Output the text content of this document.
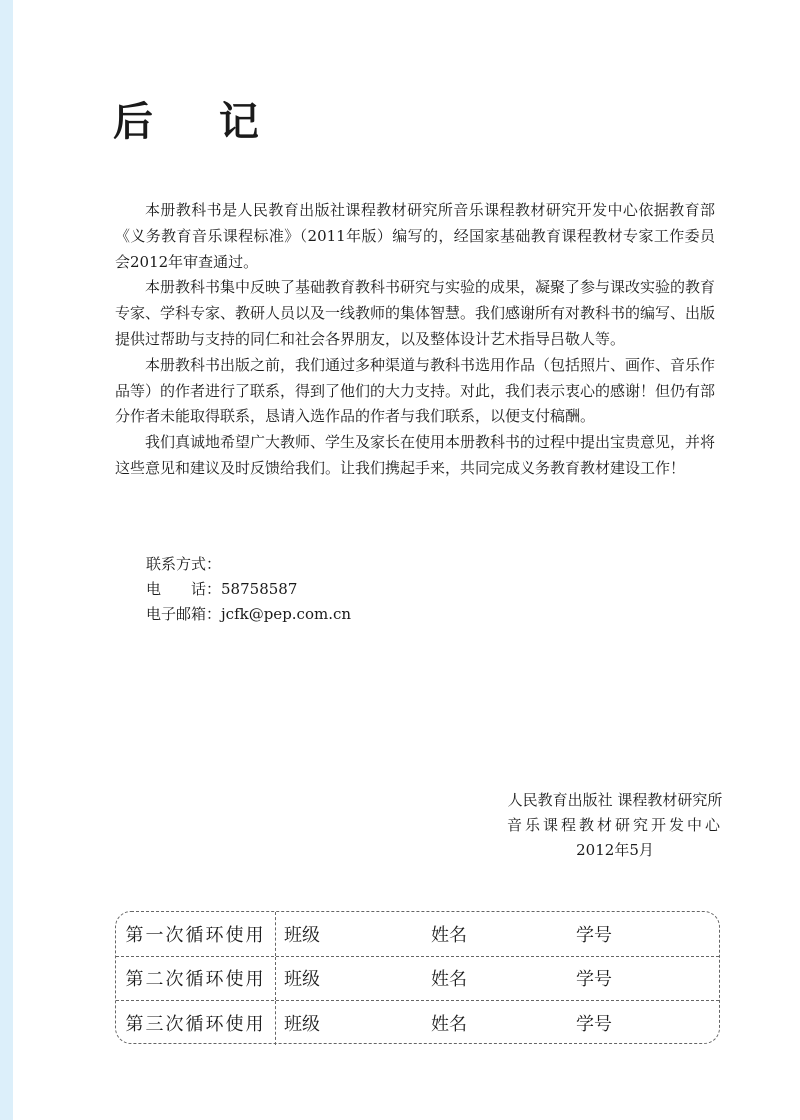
后 记

本册教科书是人民教育出版社课程教材研究所音乐课程教材研究开发中心依据教育部《义务教育音乐课程标准》（2011年版）编写的，经国家基础教育课程教材专家工作委员会2012年审查通过。

本册教科书集中反映了基础教育教科书研究与实验的成果，凝聚了参与课改实验的教育专家、学科专家、教研人员以及一线教师的集体智慧。我们感谢所有对教科书的编写、出版提供过帮助与支持的同仁和社会各界朋友，以及整体设计艺术指导吕敬人等。

本册教科书出版之前，我们通过多种渠道与教科书选用作品（包括照片、画作、音乐作品等）的作者进行了联系，得到了他们的大力支持。对此，我们表示衷心的感谢！但仍有部分作者未能取得联系，恳请入选作品的作者与我们联系，以便支付稿酬。

我们真诚地希望广大教师、学生及家长在使用本册教科书的过程中提出宝贵意见，并将这些意见和建议及时反馈给我们。让我们携起手来，共同完成义务教育教材建设工作！

联系方式：
电　　话：58758587
电子邮箱：jcfk@pep.com.cn
人民教育出版社 课程教材研究所
音乐课程教材研究开发中心
2012年5月
第一次循环使用	班级	姓名	学号
第二次循环使用	班级	姓名	学号
第三次循环使用	班级	姓名	学号
